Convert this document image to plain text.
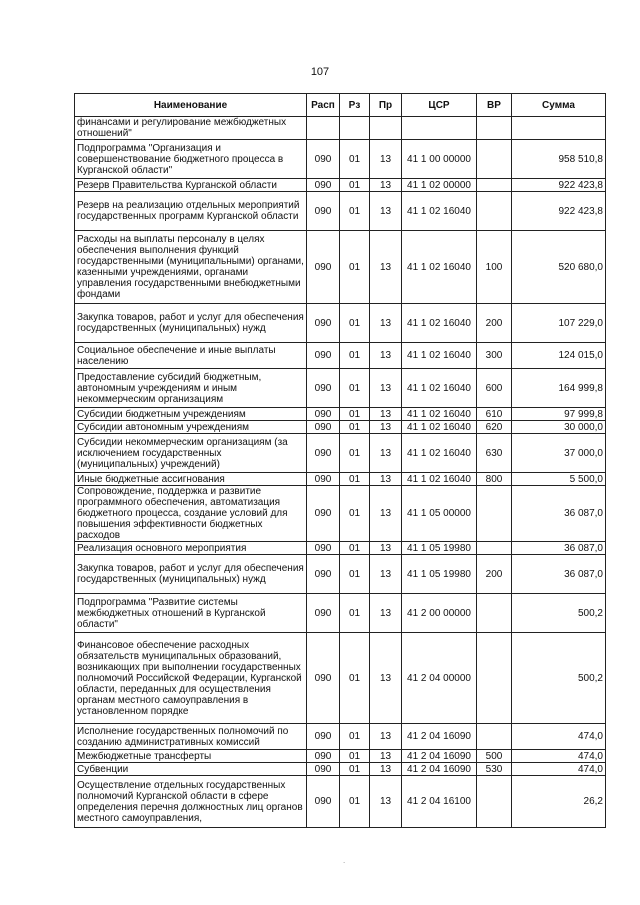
107
Наименование	Расп	Рз	Пр	ЦСР	ВР	Сумма
финансами и регулирование межбюджетных отношений"						
Подпрограмма "Организация и совершенствование бюджетного процесса в Курганской области"	090	01	13	41 1 00 00000		958 510,8
Резерв Правительства Курганской области	090	01	13	41 1 02 00000		922 423,8
Резерв на реализацию отдельных мероприятий государственных программ Курганской области	090	01	13	41 1 02 16040		922 423,8
Расходы на выплаты персоналу в целях обеспечения выполнения функций государственными (муниципальными) органами, казенными учреждениями, органами управления государственными внебюджетными фондами	090	01	13	41 1 02 16040	100	520 680,0
Закупка товаров, работ и услуг для обеспечения государственных (муниципальных) нужд	090	01	13	41 1 02 16040	200	107 229,0
Социальное обеспечение и иные выплаты населению	090	01	13	41 1 02 16040	300	124 015,0
Предоставление субсидий бюджетным, автономным учреждениям и иным некоммерческим организациям	090	01	13	41 1 02 16040	600	164 999,8
Субсидии бюджетным учреждениям	090	01	13	41 1 02 16040	610	97 999,8
Субсидии автономным учреждениям	090	01	13	41 1 02 16040	620	30 000,0
Субсидии некоммерческим организациям (за исключением государственных (муниципальных) учреждений)	090	01	13	41 1 02 16040	630	37 000,0
Иные бюджетные ассигнования	090	01	13	41 1 02 16040	800	5 500,0
Сопровождение, поддержка и развитие программного обеспечения, автоматизация бюджетного процесса, создание условий для повышения эффективности бюджетных расходов	090	01	13	41 1 05 00000		36 087,0
Реализация основного мероприятия	090	01	13	41 1 05 19980		36 087,0
Закупка товаров, работ и услуг для обеспечения государственных (муниципальных) нужд	090	01	13	41 1 05 19980	200	36 087,0
Подпрограмма "Развитие системы межбюджетных отношений в Курганской области"	090	01	13	41 2 00 00000		500,2
Финансовое обеспечение расходных обязательств муниципальных образований, возникающих при выполнении государственных полномочий Российской Федерации, Курганской области, переданных для осуществления органам местного самоуправления в установленном порядке	090	01	13	41 2 04 00000		500,2
Исполнение государственных полномочий по созданию административных комиссий	090	01	13	41 2 04 16090		474,0
Межбюджетные трансферты	090	01	13	41 2 04 16090	500	474,0
Субвенции	090	01	13	41 2 04 16090	530	474,0
Осуществление отдельных государственных полномочий Курганской области в сфере определения перечня должностных лиц органов местного самоуправления,	090	01	13	41 2 04 16100		26,2
.
